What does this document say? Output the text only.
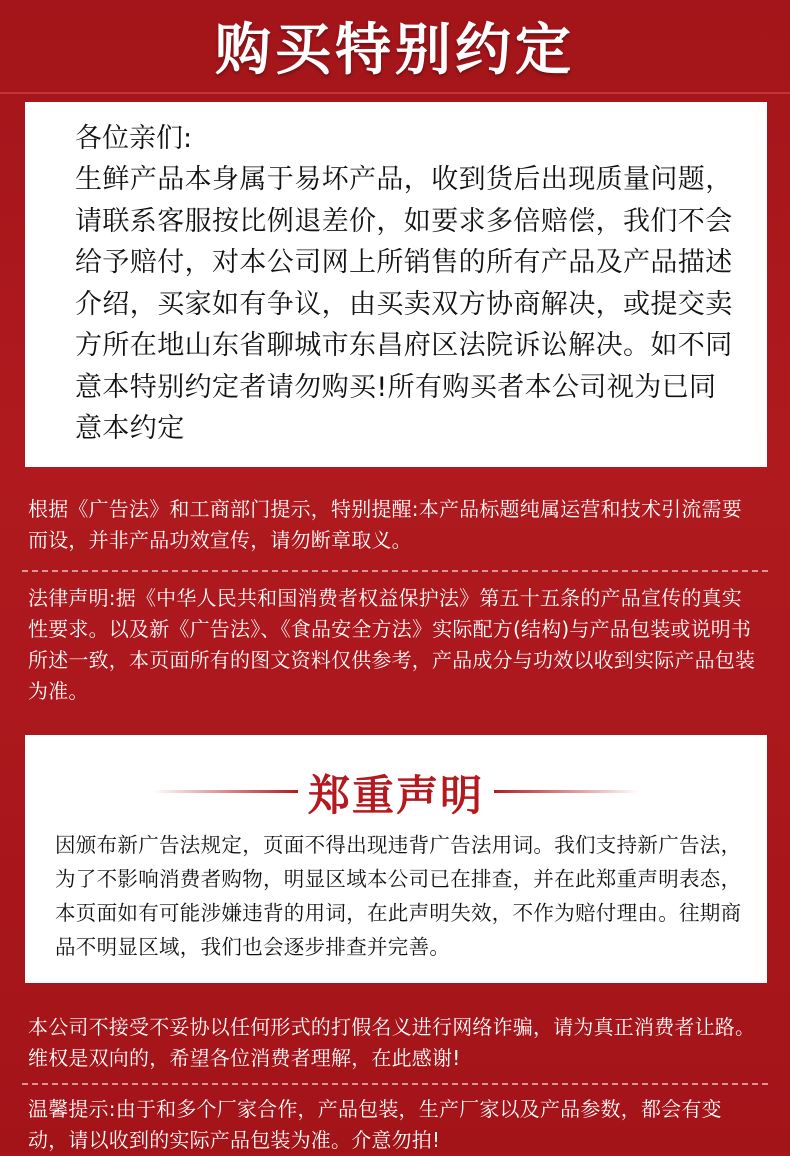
购买特别约定
各位亲们:
生鲜产品本身属于易坏产品，收到货后出现质量问题，请联系客服按比例退差价，如要求多倍赔偿，我们不会给予赔付，对本公司网上所销售的所有产品及产品描述介绍，买家如有争议，由买卖双方协商解决，或提交卖方所在地山东省聊城市东昌府区法院诉讼解决。如不同意本特别约定者请勿购买!所有购买者本公司视为已同意本约定
根据《广告法》和工商部门提示，特别提醒:本产品标题纯属运营和技术引流需要而设，并非产品功效宣传，请勿断章取义。
法律声明:据《中华人民共和国消费者权益保护法》第五十五条的产品宣传的真实性要求。以及新《广告法》、《食品安全方法》实际配方(结构)与产品包装或说明书所述一致，本页面所有的图文资料仅供参考，产品成分与功效以收到实际产品包装为准。
郑重声明
因颁布新广告法规定，页面不得出现违背广告法用词。我们支持新广告法，为了不影响消费者购物，明显区域本公司已在排查，并在此郑重声明表态，本页面如有可能涉嫌违背的用词，在此声明失效，不作为赔付理由。往期商品不明显区域，我们也会逐步排查并完善。
本公司不接受不妥协以任何形式的打假名义进行网络诈骗，请为真正消费者让路。维权是双向的，希望各位消费者理解，在此感谢!
温馨提示:由于和多个厂家合作，产品包装，生产厂家以及产品参数，都会有变动，请以收到的实际产品包装为准。介意勿拍!
